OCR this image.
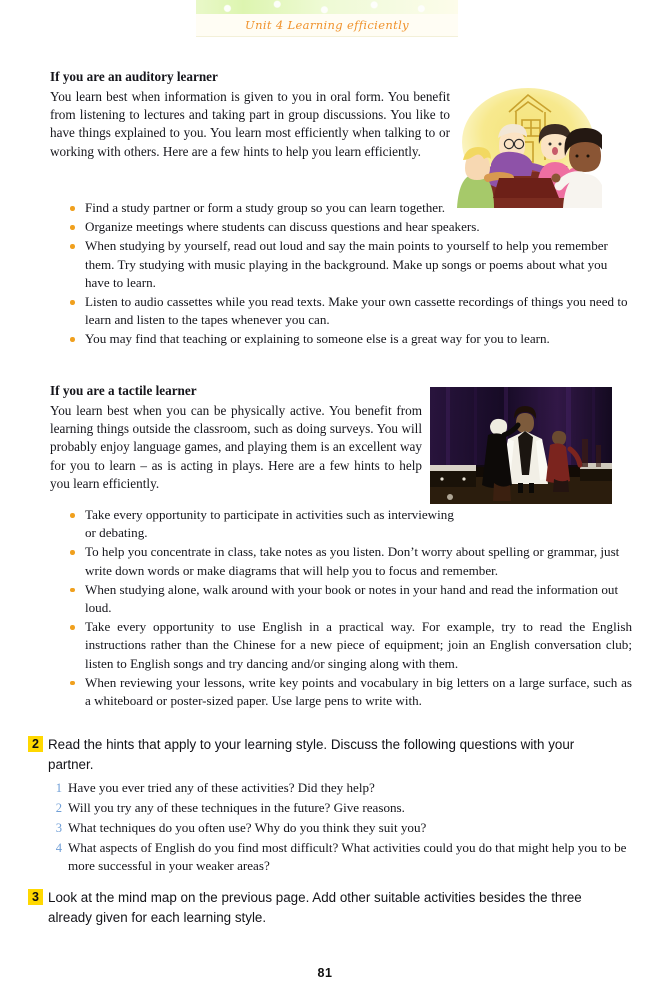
Unit 4 Learning efficiently
If you are an auditory learner
You learn best when information is given to you in oral form. You benefit from listening to lectures and taking part in group discussions. You like to have things explained to you. You learn most efficiently when talking to or working with others. Here are a few hints to help you learn efficiently.
Find a study partner or form a study group so you can learn together.
Organize meetings where students can discuss questions and hear speakers.
When studying by yourself, read out loud and say the main points to yourself to help you remember them. Try studying with music playing in the background. Make up songs or poems about what you have to learn.
Listen to audio cassettes while you read texts. Make your own cassette recordings of things you need to learn and listen to the tapes whenever you can.
You may find that teaching or explaining to someone else is a great way for you to learn.
If you are a tactile learner
You learn best when you can be physically active. You benefit from learning things outside the classroom, such as doing surveys. You will probably enjoy language games, and playing them is an excellent way for you to learn – as is acting in plays. Here are a few hints to help you learn efficiently.
Take every opportunity to participate in activities such as interviewing or debating.
To help you concentrate in class, take notes as you listen. Don’t worry about spelling or grammar, just write down words or make diagrams that will help you to focus and remember.
When studying alone, walk around with your book or notes in your hand and read the information out loud.
Take every opportunity to use English in a practical way. For example, try to read the English instructions rather than the Chinese for a new piece of equipment; join an English conversation club; listen to English songs and try dancing and/or singing along with them.
When reviewing your lessons, write key points and vocabulary in big letters on a large surface, such as a whiteboard or poster-sized paper. Use large pens to write with.
2 Read the hints that apply to your learning style. Discuss the following questions with your partner.
1 Have you ever tried any of these activities? Did they help?
2 Will you try any of these techniques in the future? Give reasons.
3 What techniques do you often use? Why do you think they suit you?
4 What aspects of English do you find most difficult? What activities could you do that might help you to be more successful in your weaker areas?
3 Look at the mind map on the previous page. Add other suitable activities besides the three already given for each learning style.
81
